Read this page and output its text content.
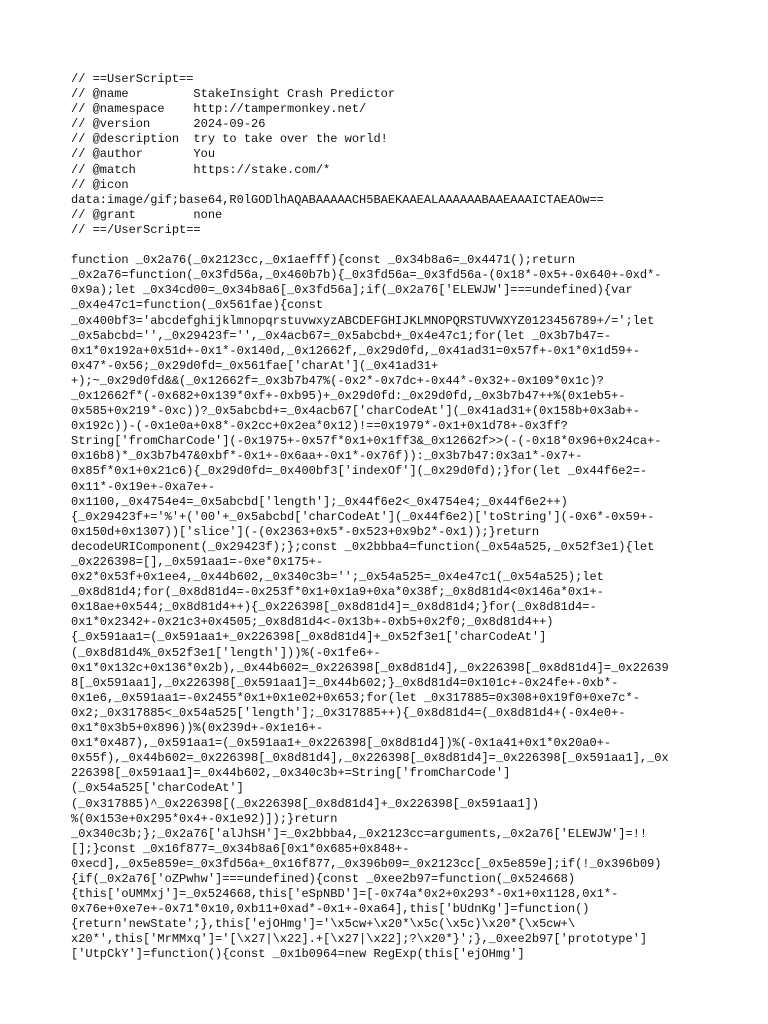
// ==UserScript==
// @name         StakeInsight Crash Predictor
// @namespace    http://tampermonkey.net/
// @version      2024-09-26
// @description  try to take over the world!
// @author       You
// @match        https://stake.com/*
// @icon
data:image/gif;base64,R0lGODlhAQABAAAAACH5BAEKAAEALAAAAAABAAEAAAICTAEAOw==
// @grant        none
// ==/UserScript==
function _0x2a76(_0x2123cc,_0x1aefff){const _0x34b8a6=_0x4471();return
_0x2a76=function(_0x3fd56a,_0x460b7b){_0x3fd56a=_0x3fd56a-(0x18*-0x5+-0x640+-0xd*-
0x9a);let _0x34cd00=_0x34b8a6[_0x3fd56a];if(_0x2a76['ELEWJW']===undefined){var
_0x4e47c1=function(_0x561fae){const
_0x400bf3='abcdefghijklmnopqrstuvwxyzABCDEFGHIJKLMNOPQRSTUVWXYZ0123456789+/=';let
_0x5abcbd='',_0x29423f='',_0x4acb67=_0x5abcbd+_0x4e47c1;for(let _0x3b7b47=-
0x1*0x192a+0x51d+-0x1*-0x140d,_0x12662f,_0x29d0fd,_0x41ad31=0x57f+-0x1*0x1d59+-
0x47*-0x56;_0x29d0fd=_0x561fae['charAt'](_0x41ad31+
+);~_0x29d0fd&&(_0x12662f=_0x3b7b47%(-0x2*-0x7dc+-0x44*-0x32+-0x109*0x1c)?
_0x12662f*(-0x682+0x139*0xf+-0xb95)+_0x29d0fd:_0x29d0fd,_0x3b7b47++%(0x1eb5+-
0x585+0x219*-0xc))?_0x5abcbd+=_0x4acb67['charCodeAt'](_0x41ad31+(0x158b+0x3ab+-
0x192c))-(-0x1e0a+0x8*-0x2cc+0x2ea*0x12)!==0x1979*-0x1+0x1d78+-0x3ff?
String['fromCharCode'](-0x1975+-0x57f*0x1+0x1ff3&_0x12662f>>(-(-0x18*0x96+0x24ca+-
0x16b8)*_0x3b7b47&0xbf*-0x1+-0x6aa+-0x1*-0x76f)):_0x3b7b47:0x3a1*-0x7+-
0x85f*0x1+0x21c6){_0x29d0fd=_0x400bf3['indexOf'](_0x29d0fd);}for(let _0x44f6e2=-
0x11*-0x19e+-0xa7e+-
0x1100,_0x4754e4=_0x5abcbd['length'];_0x44f6e2<_0x4754e4;_0x44f6e2++)
{_0x29423f+='%'+('00'+_0x5abcbd['charCodeAt'](_0x44f6e2)['toString'](-0x6*-0x59+-
0x150d+0x1307))['slice'](-(0x2363+0x5*-0x523+0x9b2*-0x1));}return
decodeURIComponent(_0x29423f);};const _0x2bbba4=function(_0x54a525,_0x52f3e1){let
_0x226398=[],_0x591aa1=-0xe*0x175+-
0x2*0x53f+0x1ee4,_0x44b602,_0x340c3b='';_0x54a525=_0x4e47c1(_0x54a525);let
_0x8d81d4;for(_0x8d81d4=-0x253f*0x1+0x1a9+0xa*0x38f;_0x8d81d4<0x146a*0x1+-
0x18ae+0x544;_0x8d81d4++){_0x226398[_0x8d81d4]=_0x8d81d4;}for(_0x8d81d4=-
0x1*0x2342+-0x21c3+0x4505;_0x8d81d4<-0x13b+-0xb5+0x2f0;_0x8d81d4++)
{_0x591aa1=(_0x591aa1+_0x226398[_0x8d81d4]+_0x52f3e1['charCodeAt']
(_0x8d81d4%_0x52f3e1['length']))%(-0x1fe6+-
0x1*0x132c+0x136*0x2b),_0x44b602=_0x226398[_0x8d81d4],_0x226398[_0x8d81d4]=_0x22639
8[_0x591aa1],_0x226398[_0x591aa1]=_0x44b602;}_0x8d81d4=0x101c+-0x24fe+-0xb*-
0x1e6,_0x591aa1=-0x2455*0x1+0x1e02+0x653;for(let _0x317885=0x308+0x19f0+0xe7c*-
0x2;_0x317885<_0x54a525['length'];_0x317885++){_0x8d81d4=(_0x8d81d4+(-0x4e0+-
0x1*0x3b5+0x896))%(0x239d+-0x1e16+-
0x1*0x487),_0x591aa1=(_0x591aa1+_0x226398[_0x8d81d4])%(-0x1a41+0x1*0x20a0+-
0x55f),_0x44b602=_0x226398[_0x8d81d4],_0x226398[_0x8d81d4]=_0x226398[_0x591aa1],_0x
226398[_0x591aa1]=_0x44b602,_0x340c3b+=String['fromCharCode']
(_0x54a525['charCodeAt']
(_0x317885)^_0x226398[(_0x226398[_0x8d81d4]+_0x226398[_0x591aa1])
%(0x153e+0x295*0x4+-0x1e92)]);}return
_0x340c3b;};_0x2a76['alJhSH']=_0x2bbba4,_0x2123cc=arguments,_0x2a76['ELEWJW']=!!
[];}const _0x16f877=_0x34b8a6[0x1*0x685+0x848+-
0xecd],_0x5e859e=_0x3fd56a+_0x16f877,_0x396b09=_0x2123cc[_0x5e859e];if(!_0x396b09)
{if(_0x2a76['oZPwhw']===undefined){const _0xee2b97=function(_0x524668)
{this['oUMMxj']=_0x524668,this['eSpNBD']=[-0x74a*0x2+0x293*-0x1+0x1128,0x1*-
0x76e+0xe7e+-0x71*0x10,0xb11+0xad*-0x1+-0xa64],this['bUdnKg']=function()
{return'newState';},this['ejOHmg']='\x5cw+\x20*\x5c(\x5c)\x20*{\x5cw+\
x20*',this['MrMMxq']='[\x27|\x22].+[\x27|\x22];?\x20*}';},_0xee2b97['prototype']
['UtpCkY']=function(){const _0x1b0964=new RegExp(this['ejOHmg']
